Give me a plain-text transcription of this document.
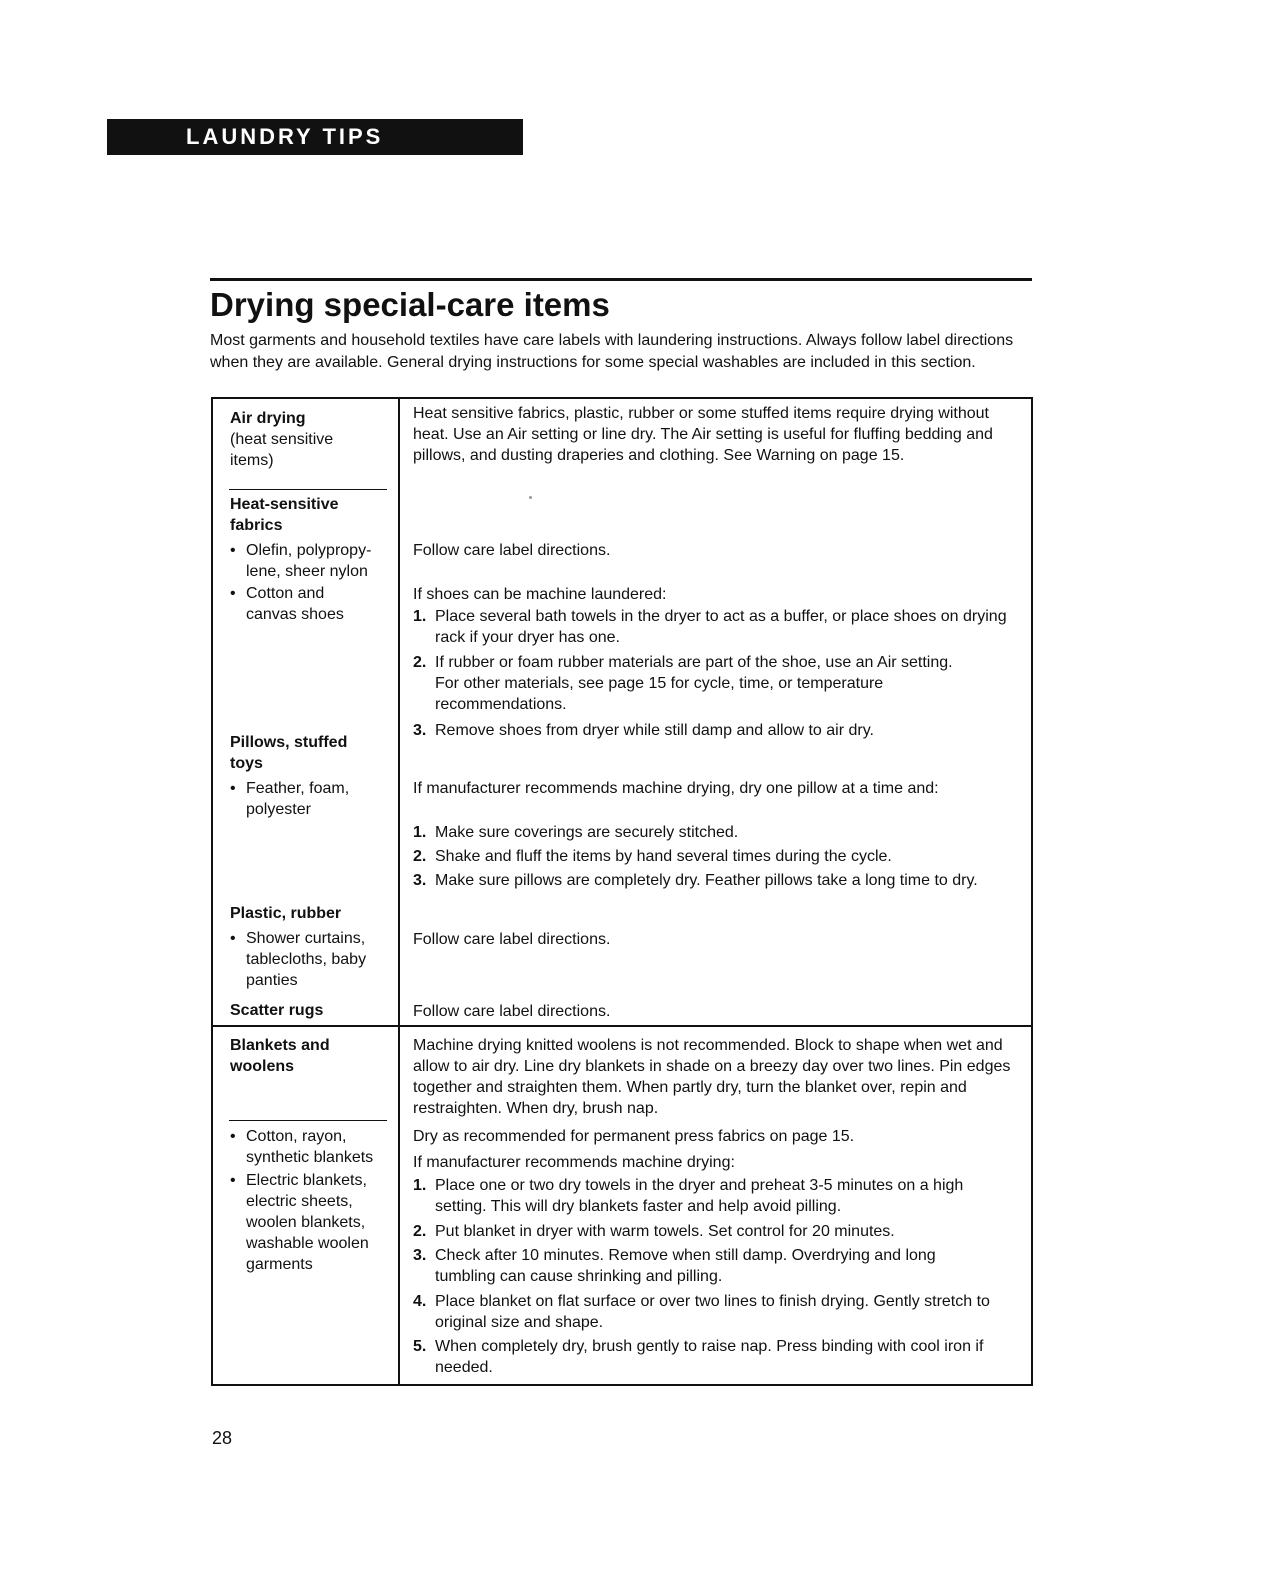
LAUNDRY TIPS
Drying special-care items

Most garments and household textiles have care labels with laundering instructions. Always follow label directions when they are available. General drying instructions for some special washables are included in this section.

Air drying
(heat sensitive items)
Heat sensitive fabrics, plastic, rubber or some stuffed items require drying without heat. Use an Air setting or line dry. The Air setting is useful for fluffing bedding and pillows, and dusting draperies and clothing. See Warning on page 15.
Heat-sensitive fabrics
• Olefin, polypropy-lene, sheer nylon
• Cotton and canvas shoes
Follow care label directions.
If shoes can be machine laundered:
1. Place several bath towels in the dryer to act as a buffer, or place shoes on drying rack if your dryer has one.
2. If rubber or foam rubber materials are part of the shoe, use an Air setting. For other materials, see page 15 for cycle, time, or temperature recommendations.
3. Remove shoes from dryer while still damp and allow to air dry.
Pillows, stuffed toys
• Feather, foam, polyester
If manufacturer recommends machine drying, dry one pillow at a time and:
1. Make sure coverings are securely stitched.
2. Shake and fluff the items by hand several times during the cycle.
3. Make sure pillows are completely dry. Feather pillows take a long time to dry.
Plastic, rubber
• Shower curtains, tablecloths, baby panties
Follow care label directions.
Scatter rugs	Follow care label directions.
Blankets and woolens
Machine drying knitted woolens is not recommended. Block to shape when wet and allow to air dry. Line dry blankets in shade on a breezy day over two lines. Pin edges together and straighten them. When partly dry, turn the blanket over, repin and restraighten. When dry, brush nap.
• Cotton, rayon, synthetic blankets
• Electric blankets, electric sheets, woolen blankets, washable woolen garments
Dry as recommended for permanent press fabrics on page 15.
If manufacturer recommends machine drying:
1. Place one or two dry towels in the dryer and preheat 3-5 minutes on a high setting. This will dry blankets faster and help avoid pilling.
2. Put blanket in dryer with warm towels. Set control for 20 minutes.
3. Check after 10 minutes. Remove when still damp. Overdrying and long tumbling can cause shrinking and pilling.
4. Place blanket on flat surface or over two lines to finish drying. Gently stretch to original size and shape.
5. When completely dry, brush gently to raise nap. Press binding with cool iron if needed.
28
